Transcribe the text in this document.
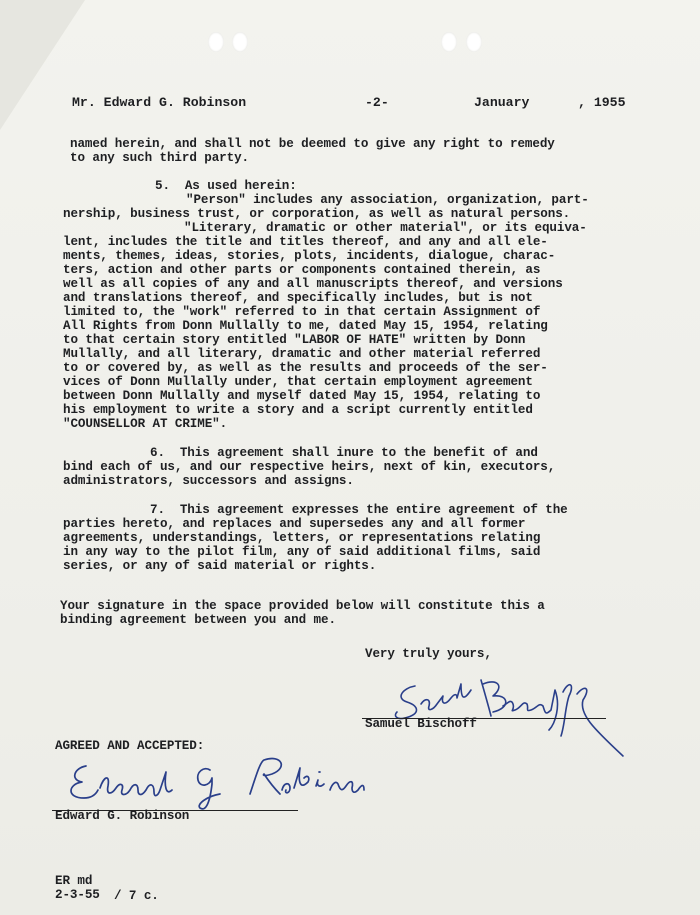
Mr. Edward G. Robinson	-2-	January	, 1955

named herein, and shall not be deemed to give any right to remedy

to any such third party.

5.  As used herein:

"Person" includes any association, organization, part-

nership, business trust, or corporation, as well as natural persons.

"Literary, dramatic or other material", or its equiva-

lent, includes the title and titles thereof, and any and all ele-

ments, themes, ideas, stories, plots, incidents, dialogue, charac-

ters, action and other parts or components contained therein, as

well as all copies of any and all manuscripts thereof, and versions

and translations thereof, and specifically includes, but is not

limited to, the "work" referred to in that certain Assignment of

All Rights from Donn Mullally to me, dated May 15, 1954, relating

to that certain story entitled "LABOR OF HATE" written by Donn

Mullally, and all literary, dramatic and other material referred

to or covered by, as well as the results and proceeds of the ser-

vices of Donn Mullally under, that certain employment agreement

between Donn Mullally and myself dated May 15, 1954, relating to

his employment to write a story and a script currently entitled

"COUNSELLOR AT CRIME".

6.  This agreement shall inure to the benefit of and

bind each of us, and our respective heirs, next of kin, executors,

administrators, successors and assigns.

7.  This agreement expresses the entire agreement of the

parties hereto, and replaces and supersedes any and all former

agreements, understandings, letters, or representations relating

in any way to the pilot film, any of said additional films, said

series, or any of said material or rights.

Your signature in the space provided below will constitute this a

binding agreement between you and me.

Very truly yours,

Samuel Bischoff

AGREED AND ACCEPTED:

Edward G. Robinson

ER md

2-3-55 / 7 c.
